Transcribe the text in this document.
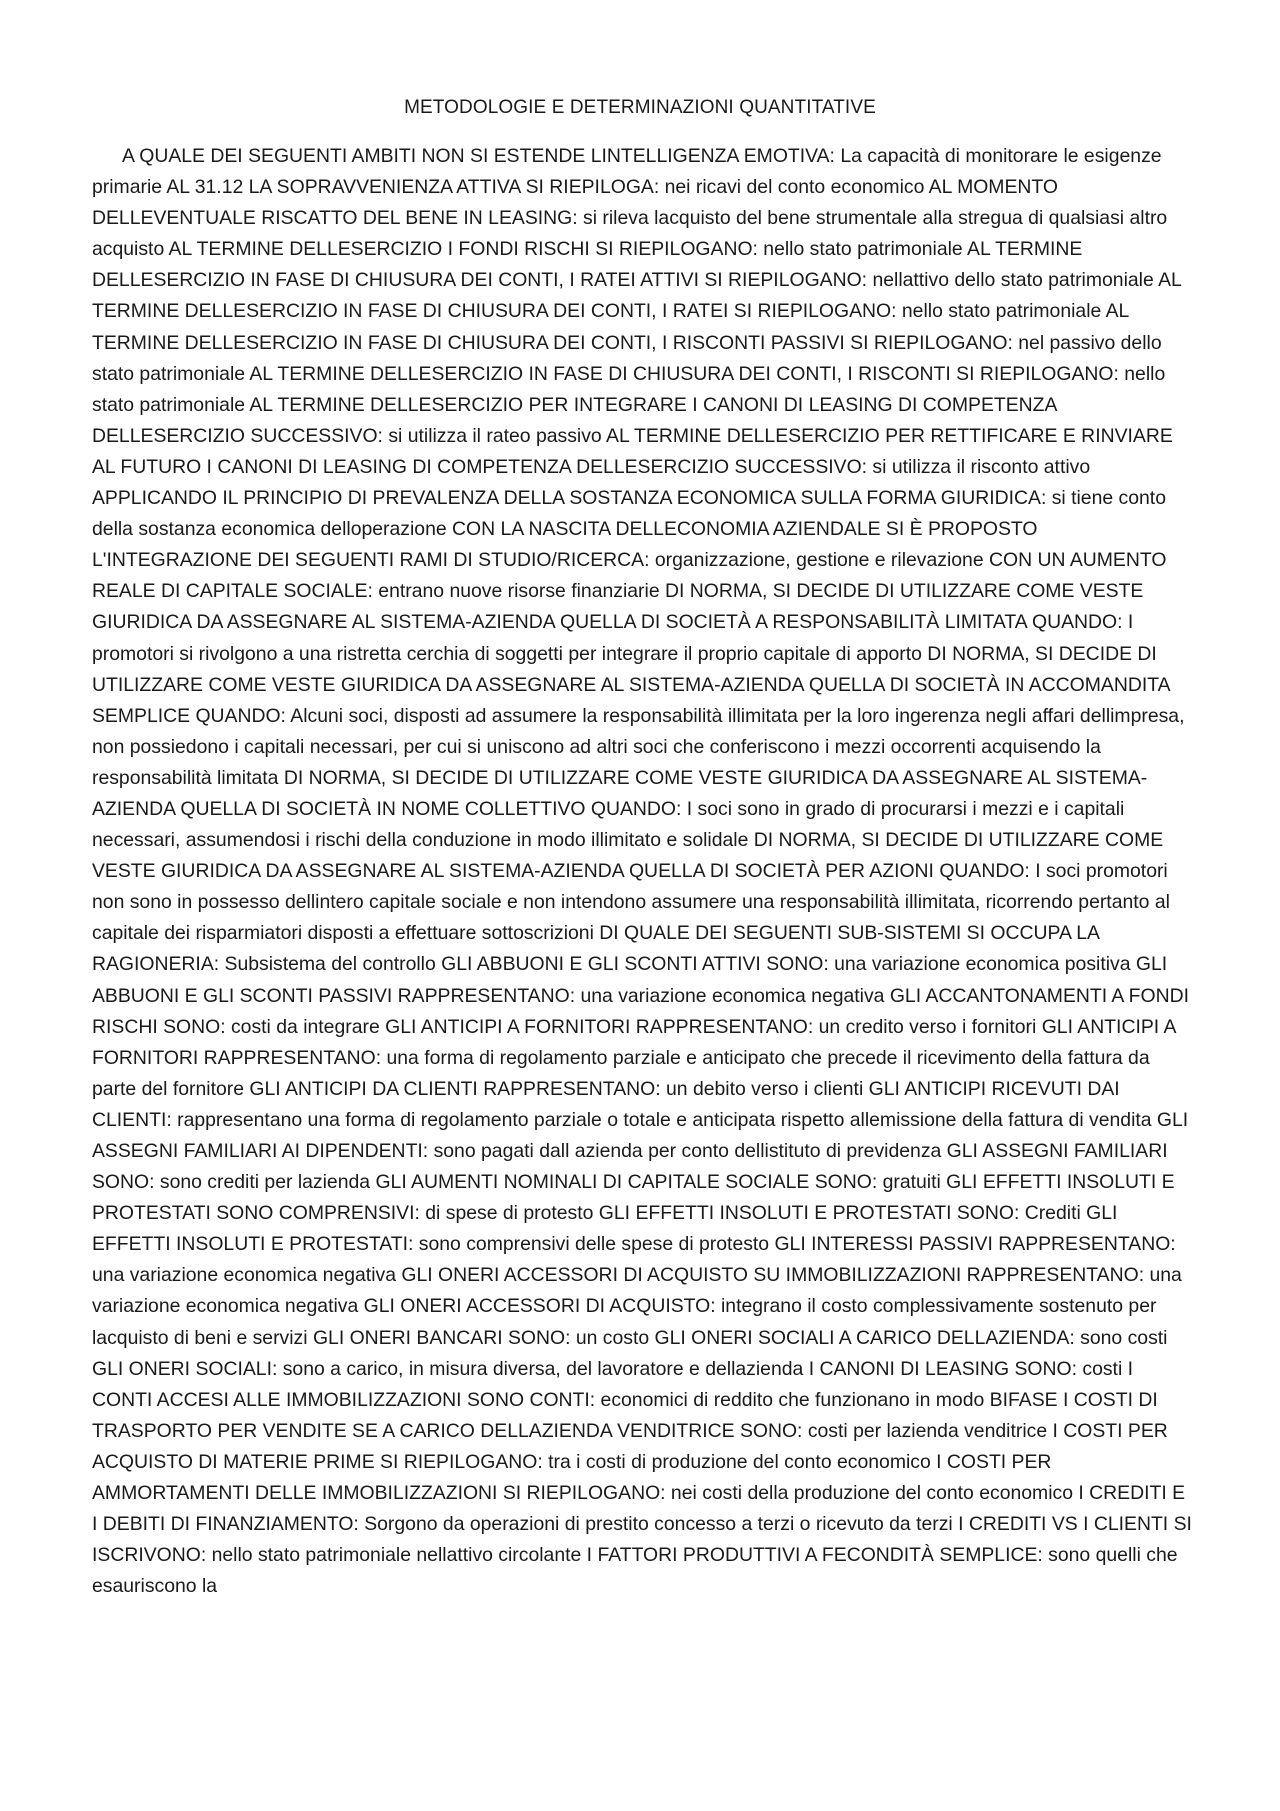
METODOLOGIE E DETERMINAZIONI QUANTITATIVE

A QUALE DEI SEGUENTI AMBITI NON SI ESTENDE LINTELLIGENZA EMOTIVA: La capacità di monitorare le esigenze primarie AL 31.12 LA SOPRAVVENIENZA ATTIVA SI RIEPILOGA: nei ricavi del conto economico AL MOMENTO DELLEVENTUALE RISCATTO DEL BENE IN LEASING: si rileva lacquisto del bene strumentale alla stregua di qualsiasi altro acquisto AL TERMINE DELLESERCIZIO I FONDI RISCHI SI RIEPILOGANO: nello stato patrimoniale AL TERMINE DELLESERCIZIO IN FASE DI CHIUSURA DEI CONTI, I RATEI ATTIVI SI RIEPILOGANO: nellattivo dello stato patrimoniale AL TERMINE DELLESERCIZIO IN FASE DI CHIUSURA DEI CONTI, I RATEI SI RIEPILOGANO: nello stato patrimoniale AL TERMINE DELLESERCIZIO IN FASE DI CHIUSURA DEI CONTI, I RISCONTI PASSIVI SI RIEPILOGANO: nel passivo dello stato patrimoniale AL TERMINE DELLESERCIZIO IN FASE DI CHIUSURA DEI CONTI, I RISCONTI SI RIEPILOGANO: nello stato patrimoniale AL TERMINE DELLESERCIZIO PER INTEGRARE I CANONI DI LEASING DI COMPETENZA DELLESERCIZIO SUCCESSIVO: si utilizza il rateo passivo AL TERMINE DELLESERCIZIO PER RETTIFICARE E RINVIARE AL FUTURO I CANONI DI LEASING DI COMPETENZA DELLESERCIZIO SUCCESSIVO: si utilizza il risconto attivo APPLICANDO IL PRINCIPIO DI PREVALENZA DELLA SOSTANZA ECONOMICA SULLA FORMA GIURIDICA: si tiene conto della sostanza economica delloperazione CON LA NASCITA DELLECONOMIA AZIENDALE SI È PROPOSTO L'INTEGRAZIONE DEI SEGUENTI RAMI DI STUDIO/RICERCA: organizzazione, gestione e rilevazione CON UN AUMENTO REALE DI CAPITALE SOCIALE: entrano nuove risorse finanziarie DI NORMA, SI DECIDE DI UTILIZZARE COME VESTE GIURIDICA DA ASSEGNARE AL SISTEMA-AZIENDA QUELLA DI SOCIETÀ A RESPONSABILITÀ LIMITATA QUANDO: I promotori si rivolgono a una ristretta cerchia di soggetti per integrare il proprio capitale di apporto DI NORMA, SI DECIDE DI UTILIZZARE COME VESTE GIURIDICA DA ASSEGNARE AL SISTEMA-AZIENDA QUELLA DI SOCIETÀ IN ACCOMANDITA SEMPLICE QUANDO: Alcuni soci, disposti ad assumere la responsabilità illimitata per la loro ingerenza negli affari dellimpresa, non possiedono i capitali necessari, per cui si uniscono ad altri soci che conferiscono i mezzi occorrenti acquisendo la responsabilità limitata DI NORMA, SI DECIDE DI UTILIZZARE COME VESTE GIURIDICA DA ASSEGNARE AL SISTEMA-AZIENDA QUELLA DI SOCIETÀ IN NOME COLLETTIVO QUANDO: I soci sono in grado di procurarsi i mezzi e i capitali necessari, assumendosi i rischi della conduzione in modo illimitato e solidale DI NORMA, SI DECIDE DI UTILIZZARE COME VESTE GIURIDICA DA ASSEGNARE AL SISTEMA-AZIENDA QUELLA DI SOCIETÀ PER AZIONI QUANDO: I soci promotori non sono in possesso dellintero capitale sociale e non intendono assumere una responsabilità illimitata, ricorrendo pertanto al capitale dei risparmiatori disposti a effettuare sottoscrizioni DI QUALE DEI SEGUENTI SUB-SISTEMI SI OCCUPA LA RAGIONERIA: Subsistema del controllo GLI ABBUONI E GLI SCONTI ATTIVI SONO: una variazione economica positiva GLI ABBUONI E GLI SCONTI PASSIVI RAPPRESENTANO: una variazione economica negativa GLI ACCANTONAMENTI A FONDI RISCHI SONO: costi da integrare GLI ANTICIPI A FORNITORI RAPPRESENTANO: un credito verso i fornitori GLI ANTICIPI A FORNITORI RAPPRESENTANO: una forma di regolamento parziale e anticipato che precede il ricevimento della fattura da parte del fornitore GLI ANTICIPI DA CLIENTI RAPPRESENTANO: un debito verso i clienti GLI ANTICIPI RICEVUTI DAI CLIENTI: rappresentano una forma di regolamento parziale o totale e anticipata rispetto allemissione della fattura di vendita GLI ASSEGNI FAMILIARI AI DIPENDENTI: sono pagati dall azienda per conto dellistituto di previdenza GLI ASSEGNI FAMILIARI SONO: sono crediti per lazienda GLI AUMENTI NOMINALI DI CAPITALE SOCIALE SONO: gratuiti GLI EFFETTI INSOLUTI E PROTESTATI SONO COMPRENSIVI: di spese di protesto GLI EFFETTI INSOLUTI E PROTESTATI SONO: Crediti GLI EFFETTI INSOLUTI E PROTESTATI: sono comprensivi delle spese di protesto GLI INTERESSI PASSIVI RAPPRESENTANO: una variazione economica negativa GLI ONERI ACCESSORI DI ACQUISTO SU IMMOBILIZZAZIONI RAPPRESENTANO: una variazione economica negativa GLI ONERI ACCESSORI DI ACQUISTO: integrano il costo complessivamente sostenuto per lacquisto di beni e servizi GLI ONERI BANCARI SONO: un costo GLI ONERI SOCIALI A CARICO DELLAZIENDA: sono costi GLI ONERI SOCIALI: sono a carico, in misura diversa, del lavoratore e dellazienda I CANONI DI LEASING SONO: costi I CONTI ACCESI ALLE IMMOBILIZZAZIONI SONO CONTI: economici di reddito che funzionano in modo BIFASE I COSTI DI TRASPORTO PER VENDITE SE A CARICO DELLAZIENDA VENDITRICE SONO: costi per lazienda venditrice I COSTI PER ACQUISTO DI MATERIE PRIME SI RIEPILOGANO: tra i costi di produzione del conto economico I COSTI PER AMMORTAMENTI DELLE IMMOBILIZZAZIONI SI RIEPILOGANO: nei costi della produzione del conto economico I CREDITI E I DEBITI DI FINANZIAMENTO: Sorgono da operazioni di prestito concesso a terzi o ricevuto da terzi I CREDITI VS I CLIENTI SI ISCRIVONO: nello stato patrimoniale nellattivo circolante I FATTORI PRODUTTIVI A FECONDITÀ SEMPLICE: sono quelli che esauriscono la
